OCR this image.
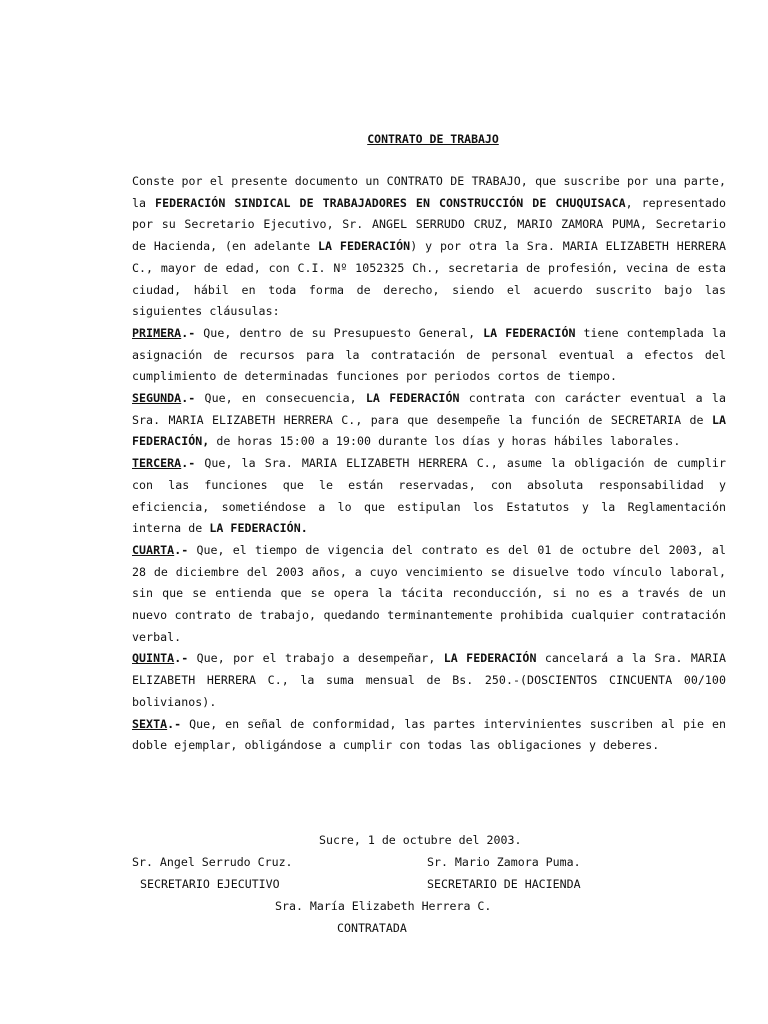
CONTRATO DE TRABAJO

Conste por el presente documento un CONTRATO DE TRABAJO, que suscribe por una parte, la FEDERACIÓN SINDICAL DE TRABAJADORES EN CONSTRUCCIÓN DE CHUQUISACA, representado por su Secretario Ejecutivo, Sr. ANGEL SERRUDO CRUZ, MARIO ZAMORA PUMA, Secretario de Hacienda, (en adelante LA FEDERACIÓN) y por otra la Sra. MARIA ELIZABETH HERRERA C., mayor de edad, con C.I. Nº 1052325 Ch., secretaria de profesión, vecina de esta ciudad, hábil en toda forma de derecho, siendo el acuerdo suscrito bajo las siguientes cláusulas:

PRIMERA.- Que, dentro de su Presupuesto General, LA FEDERACIÓN tiene contemplada la asignación de recursos para la contratación de personal eventual a efectos del cumplimiento de determinadas funciones por periodos cortos de tiempo.

SEGUNDA.- Que, en consecuencia, LA FEDERACIÓN contrata con carácter eventual a la Sra. MARIA ELIZABETH HERRERA C., para que desempeñe la función de SECRETARIA de LA FEDERACIÓN, de horas 15:00 a 19:00 durante los días y horas hábiles laborales.

TERCERA.- Que, la Sra. MARIA ELIZABETH HERRERA C., asume la obligación de cumplir con las funciones que le están reservadas, con absoluta responsabilidad y eficiencia, sometiéndose a lo que estipulan los Estatutos y la Reglamentación interna de LA FEDERACIÓN.

CUARTA.- Que, el tiempo de vigencia del contrato es del 01 de octubre del 2003, al 28 de diciembre del 2003 años, a cuyo vencimiento se disuelve todo vínculo laboral, sin que se entienda que se opera la tácita reconducción, si no es a través de un nuevo contrato de trabajo, quedando terminantemente prohibida cualquier contratación verbal.

QUINTA.- Que, por el trabajo a desempeñar, LA FEDERACIÓN cancelará a la Sra. MARIA ELIZABETH HERRERA C., la suma mensual de Bs. 250.-(DOSCIENTOS CINCUENTA 00/100 bolivianos).

SEXTA.- Que, en señal de conformidad, las partes intervinientes suscriben al pie en doble ejemplar, obligándose a cumplir con todas las obligaciones y deberes.

Sucre, 1 de octubre del 2003.
Sr. Angel Serrudo Cruz.	Sr. Mario Zamora Puma.
SECRETARIO EJECUTIVO	SECRETARIO DE HACIENDA
Sra. María Elizabeth Herrera C.
CONTRATADA
